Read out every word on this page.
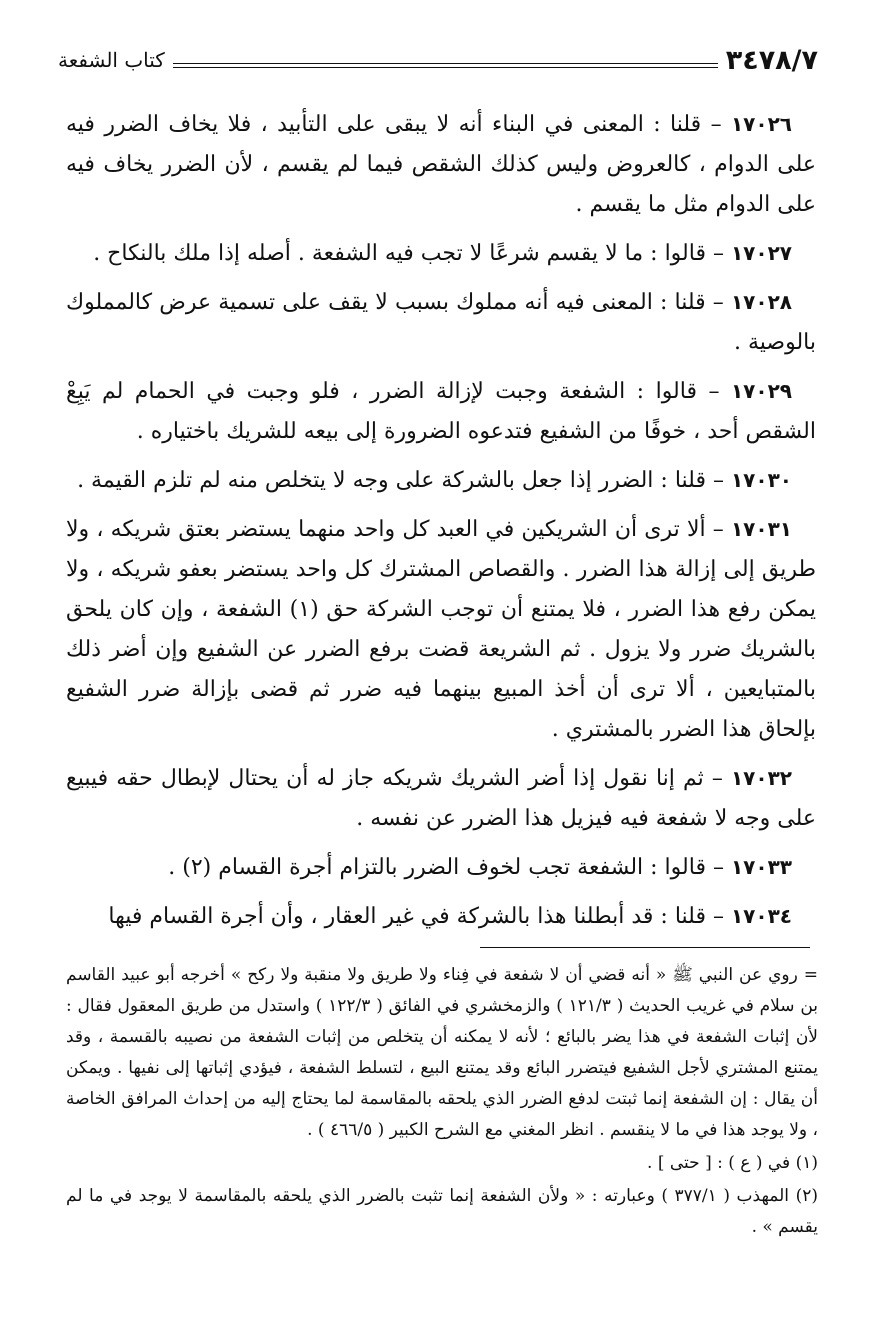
٣٤٧٨/٧
كتاب الشفعة

١٧٠٢٦ – قلنا : المعنى في البناء أنه لا يبقى على التأبيد ، فلا يخاف الضرر فيه على الدوام ، كالعروض وليس كذلك الشقص فيما لم يقسم ، لأن الضرر يخاف فيه على الدوام مثل ما يقسم .

١٧٠٢٧ – قالوا : ما لا يقسم شرعًا لا تجب فيه الشفعة . أصله إذا ملك بالنكاح .

١٧٠٢٨ – قلنا : المعنى فيه أنه مملوك بسبب لا يقف على تسمية عرض كالمملوك بالوصية .

١٧٠٢٩ – قالوا : الشفعة وجبت لإزالة الضرر ، فلو وجبت في الحمام لم يَبِعْ الشقص أحد ، خوفًا من الشفيع فتدعوه الضرورة إلى بيعه للشريك باختياره .

١٧٠٣٠ – قلنا : الضرر إذا جعل بالشركة على وجه لا يتخلص منه لم تلزم القيمة .

١٧٠٣١ – ألا ترى أن الشريكين في العبد كل واحد منهما يستضر بعتق شريكه ، ولا طريق إلى إزالة هذا الضرر . والقصاص المشترك كل واحد يستضر بعفو شريكه ، ولا يمكن رفع هذا الضرر ، فلا يمتنع أن توجب الشركة حق (١) الشفعة ، وإن كان يلحق بالشريك ضرر ولا يزول . ثم الشريعة قضت برفع الضرر عن الشفيع وإن أضر ذلك بالمتبايعين ، ألا ترى أن أخذ المبيع بينهما فيه ضرر ثم قضى بإزالة ضرر الشفيع بإلحاق هذا الضرر بالمشتري .

١٧٠٣٢ – ثم إنا نقول إذا أضر الشريك شريكه جاز له أن يحتال لإبطال حقه فيبيع على وجه لا شفعة فيه فيزيل هذا الضرر عن نفسه .

١٧٠٣٣ – قالوا : الشفعة تجب لخوف الضرر بالتزام أجرة القسام (٢) .

١٧٠٣٤ – قلنا : قد أبطلنا هذا بالشركة في غير العقار ، وأن أجرة القسام فيها

= روي عن النبي ﷺ « أنه قضي أن لا شفعة في فِناء ولا طريق ولا منقبة ولا ركح » أخرجه أبو عبيد القاسم بن سلام في غريب الحديث ( ١٢١/٣ ) والزمخشري في الفائق ( ١٢٢/٣ ) واستدل من طريق المعقول فقال : لأن إثبات الشفعة في هذا يضر بالبائع ؛ لأنه لا يمكنه أن يتخلص من إثبات الشفعة من نصيبه بالقسمة ، وقد يمتنع المشتري لأجل الشفيع فيتضرر البائع وقد يمتنع البيع ، لتسلط الشفعة ، فيؤدي إثباتها إلى نفيها . ويمكن أن يقال : إن الشفعة إنما ثبتت لدفع الضرر الذي يلحقه بالمقاسمة لما يحتاج إليه من إحداث المرافق الخاصة ، ولا يوجد هذا في ما لا ينقسم . انظر المغني مع الشرح الكبير ( ٤٦٦/٥ ) .

(١) في ( ع ) : [ حتى ] .

(٢) المهذب ( ٣٧٧/١ ) وعبارته : « ولأن الشفعة إنما تثبت بالضرر الذي يلحقه بالمقاسمة لا يوجد في ما لم يقسم » .
